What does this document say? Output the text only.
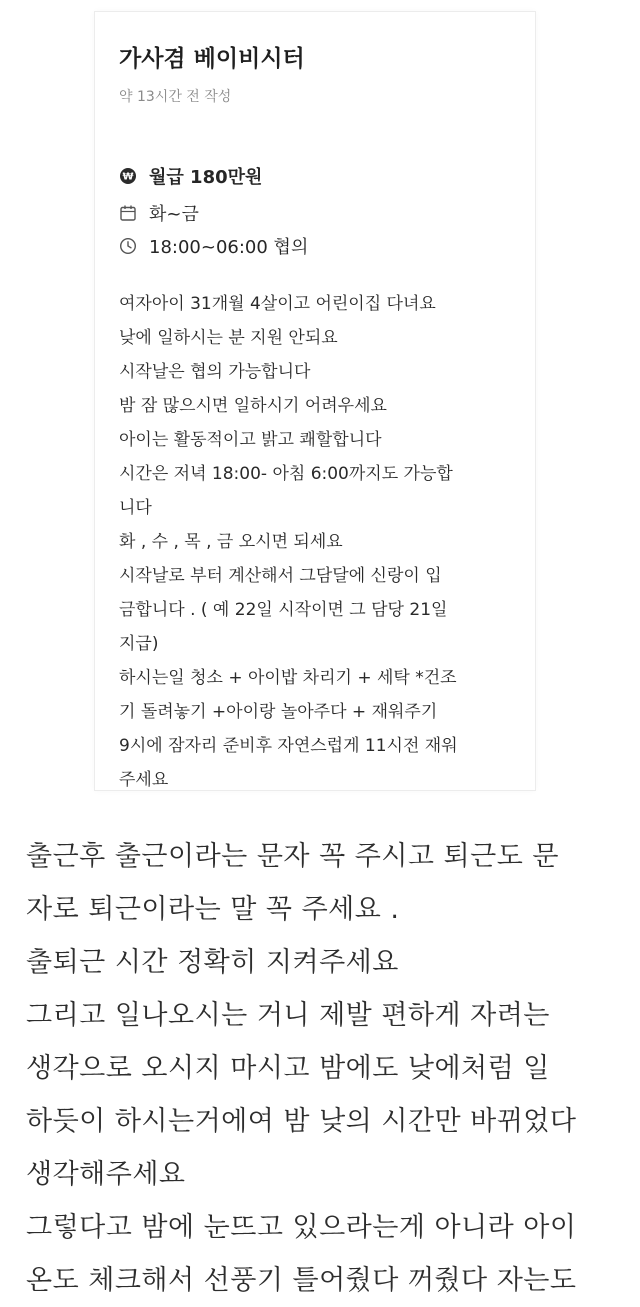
가사겸 베이비시터
약 13시간 전 작성
₩ 월급 180만원
화~금
18:00~06:00 협의
여자아이 31개월 4살이고 어린이집 다녀요
낮에 일하시는 분 지원 안되요
시작날은 협의 가능합니다
밤 잠 많으시면 일하시기 어려우세요
아이는 활동적이고 밝고 쾌할합니다
시간은 저녁 18:00- 아침 6:00까지도 가능합
니다
화 , 수 , 목 , 금 오시면 되세요
시작날로 부터 계산해서 그담달에 신랑이 입
금합니다 . ( 예 22일 시작이면 그 담당 21일
지급)
하시는일 청소 + 아이밥 차리기 + 세탁 *건조
기 돌려놓기 +아이랑 놀아주다 + 재워주기
9시에 잠자리 준비후 자연스럽게 11시전 재워
주세요
출근후 출근이라는 문자 꼭 주시고 퇴근도 문
자로 퇴근이라는 말 꼭 주세요 .
출퇴근 시간 정확히 지켜주세요
그리고 일나오시는 거니 제발 편하게 자려는
생각으로 오시지 마시고 밤에도 낮에처럼 일
하듯이 하시는거에여 밤 낮의 시간만 바뀌었다
생각해주세요
그렇다고 밤에 눈뜨고 있으라는게 아니라 아이
온도 체크해서 선풍기 틀어줬다 꺼줬다 자는도
